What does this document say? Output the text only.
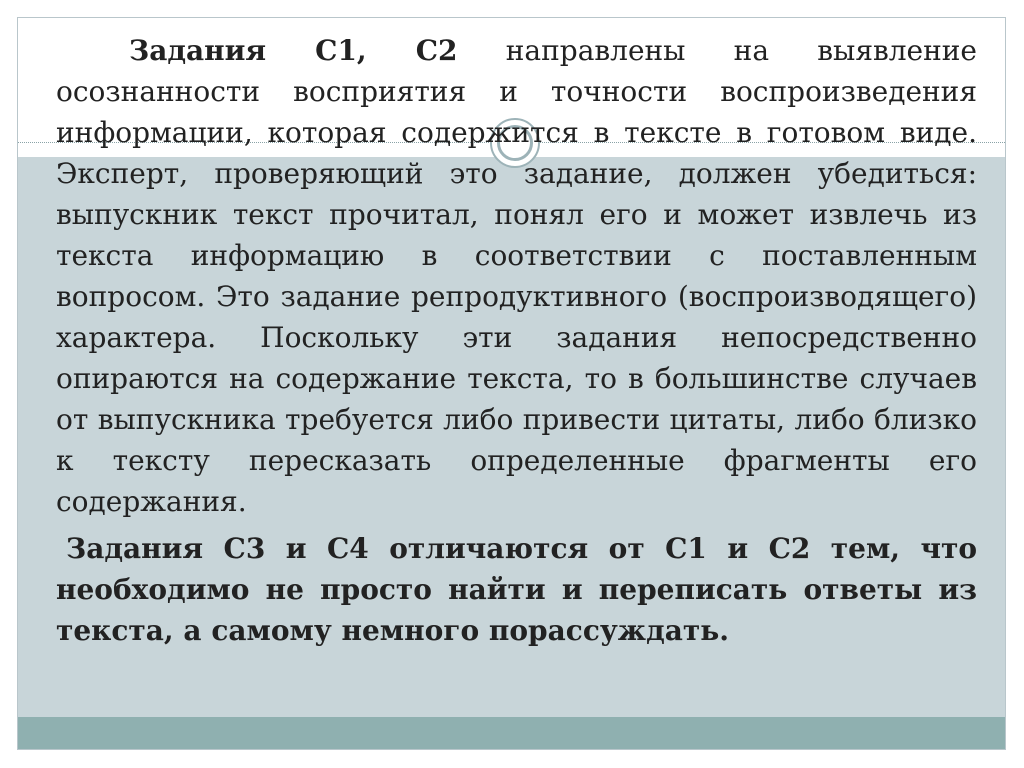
Задания С1, С2 направлены на выявление осознанности восприятия и точности воспроизведения информации, которая содержится в тексте в готовом виде. Эксперт, проверяющий это задание, должен убедиться: выпускник текст прочитал, понял его и может извлечь из текста информацию в соответствии с поставленным вопросом. Это задание репродуктивного (воспроизводящего) характера. Поскольку эти задания непосредственно опираются на содержание текста, то в большинстве случаев от выпускника требуется либо привести цитаты, либо близко к тексту пересказать определенные фрагменты его содержания.

Задания С3 и С4 отличаются от С1 и С2 тем, что необходимо не просто найти и переписать ответы из текста, а самому немного порассуждать.
